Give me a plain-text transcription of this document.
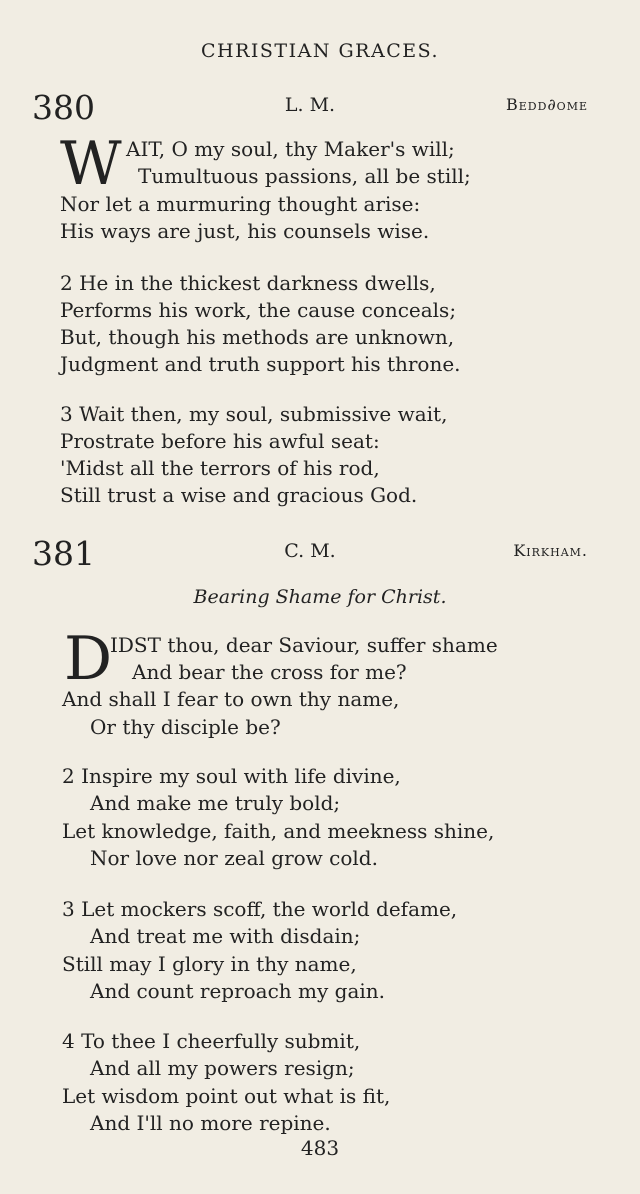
CHRISTIAN GRACES.
380	L. M.	Bedd∂ome
W AIT, O my soul, thy Maker's will;
Tumultuous passions, all be still;
Nor let a murmuring thought arise:
His ways are just, his counsels wise.
2 He in the thickest darkness dwells,
Performs his work, the cause conceals;
But, though his methods are unknown,
Judgment and truth support his throne.
3 Wait then, my soul, submissive wait,
Prostrate before his awful seat:
'Midst all the terrors of his rod,
Still trust a wise and gracious God.
381	C. M.	Kirkham.
Bearing Shame for Christ.
D
IDST thou, dear Saviour, suffer shame
And bear the cross for me?
And shall I fear to own thy name,
Or thy disciple be?
2 Inspire my soul with life divine,
And make me truly bold;
Let knowledge, faith, and meekness shine,
Nor love nor zeal grow cold.
3 Let mockers scoff, the world defame,
And treat me with disdain;
Still may I glory in thy name,
And count reproach my gain.
4 To thee I cheerfully submit,
And all my powers resign;
Let wisdom point out what is fit,
And I'll no more repine.
483
